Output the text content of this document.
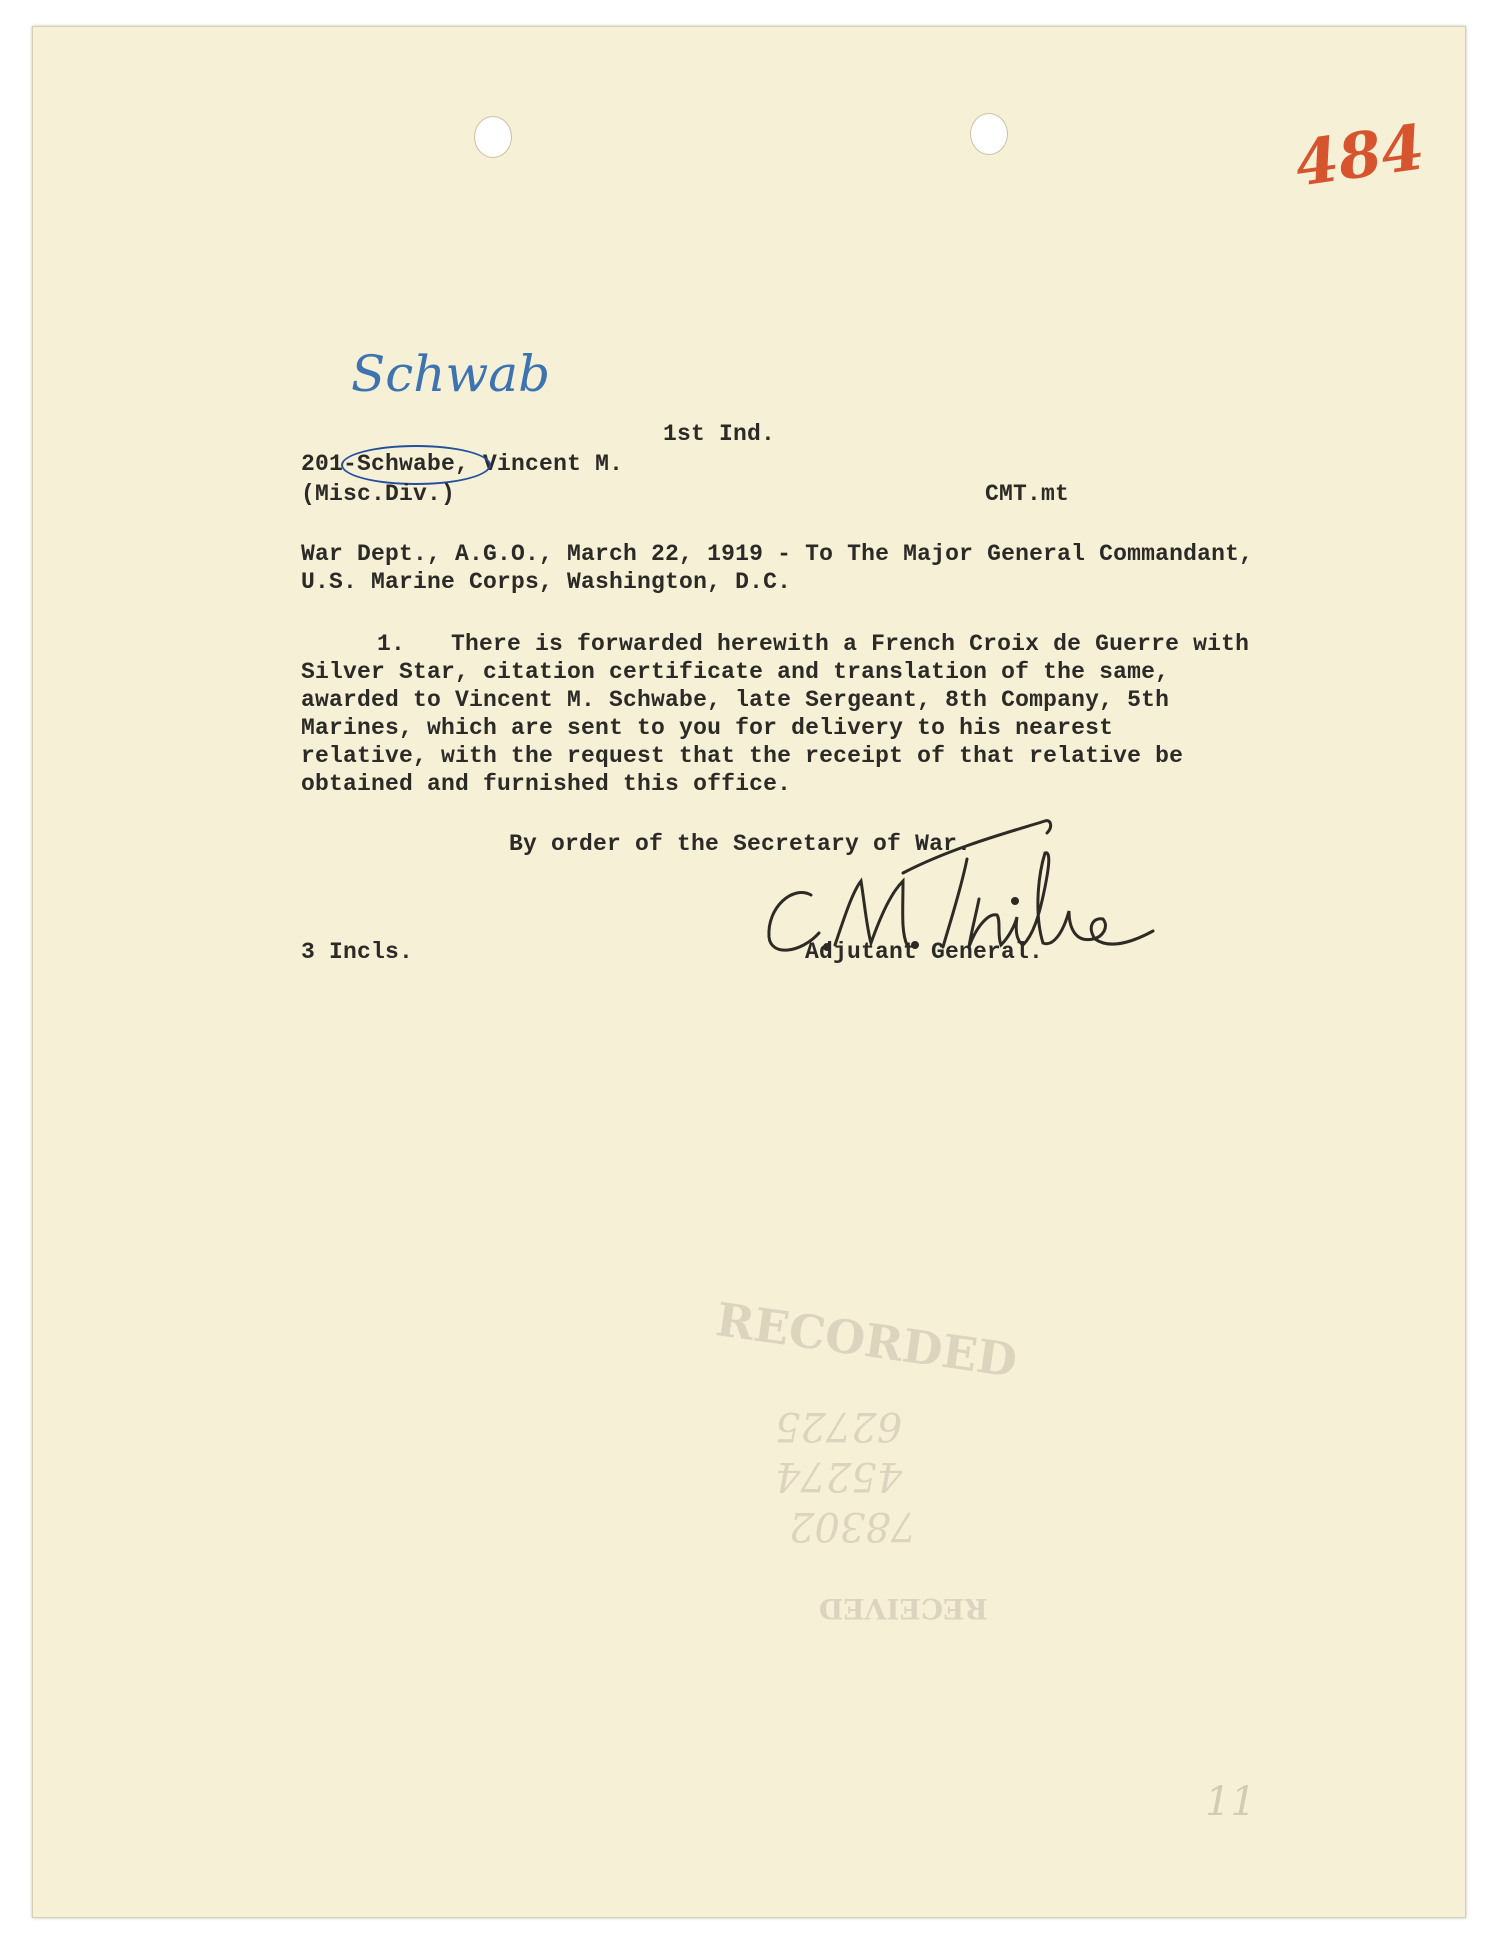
484

Schwab

1st Ind.

201-Schwabe, Vincent M.

(Misc.Div.)	CMT.mt

War Dept., A.G.O., March 22, 1919 - To The Major General Commandant,

U.S. Marine Corps, Washington, D.C.

1. There is forwarded herewith a French Croix de Guerre with

Silver Star, citation certificate and translation of the same,

awarded to Vincent M. Schwabe, late Sergeant, 8th Company, 5th

Marines, which are sent to you for delivery to his nearest

relative, with the request that the receipt of that relative be

obtained and furnished this office.

By order of the Secretary of War.

3 Incls.	Adjutant General.

RECORDED

62725

45274

78302

RECEIVED

11
